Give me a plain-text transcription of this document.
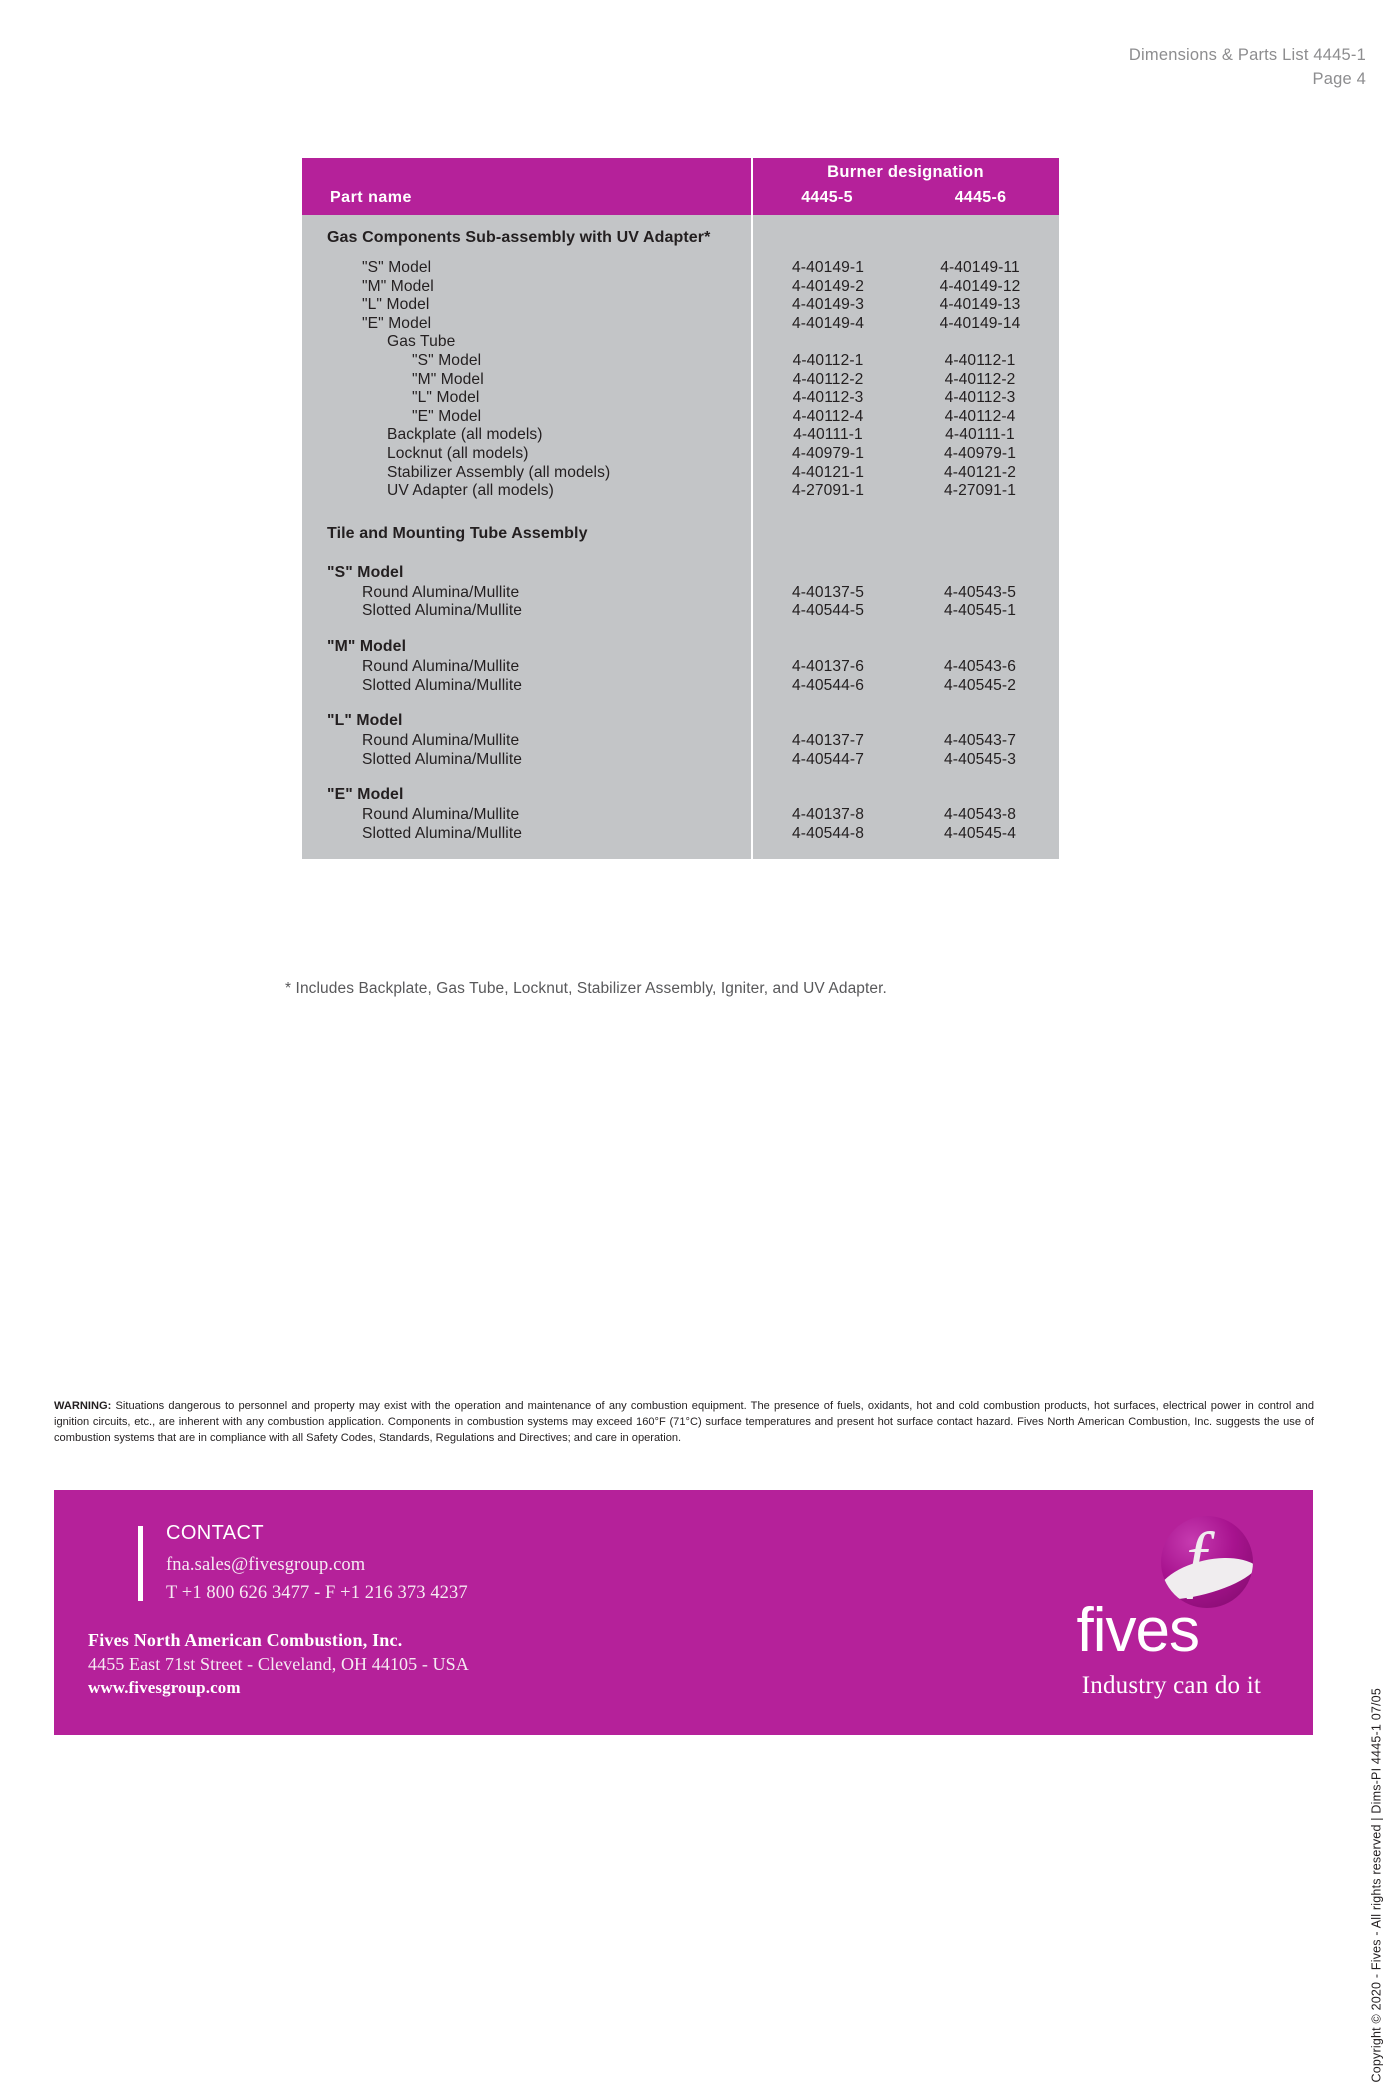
Dimensions & Parts List 4445-1
Page 4
Burner designation
Part name	4445-5	4445-6
Gas Components Sub-assembly with UV Adapter*
"S" Model	4-40149-1	4-40149-11
"M" Model	4-40149-2	4-40149-12
"L" Model	4-40149-3	4-40149-13
"E" Model	4-40149-4	4-40149-14
Gas Tube
"S" Model	4-40112-1	4-40112-1
"M" Model	4-40112-2	4-40112-2
"L" Model	4-40112-3	4-40112-3
"E" Model	4-40112-4	4-40112-4
Backplate (all models)	4-40111-1	4-40111-1
Locknut (all models)	4-40979-1	4-40979-1
Stabilizer Assembly (all models)	4-40121-1	4-40121-2
UV Adapter (all models)	4-27091-1	4-27091-1
Tile and Mounting Tube Assembly
"S" Model
Round Alumina/Mullite	4-40137-5	4-40543-5
Slotted Alumina/Mullite	4-40544-5	4-40545-1
"M" Model
Round Alumina/Mullite	4-40137-6	4-40543-6
Slotted Alumina/Mullite	4-40544-6	4-40545-2
"L" Model
Round Alumina/Mullite	4-40137-7	4-40543-7
Slotted Alumina/Mullite	4-40544-7	4-40545-3
"E" Model
Round Alumina/Mullite	4-40137-8	4-40543-8
Slotted Alumina/Mullite	4-40544-8	4-40545-4
* Includes Backplate, Gas Tube, Locknut, Stabilizer Assembly, Igniter, and UV Adapter.
WARNING: Situations dangerous to personnel and property may exist with the operation and maintenance of any combustion equipment. The presence of fuels, oxidants, hot and cold combustion products, hot surfaces, electrical power in control and ignition circuits, etc., are inherent with any combustion application. Components in combustion systems may exceed 160°F (71°C) surface temperatures and present hot surface contact hazard. Fives North American Combustion, Inc. suggests the use of combustion systems that are in compliance with all Safety Codes, Standards, Regulations and Directives; and care in operation.
CONTACT
fna.sales@fivesgroup.com
T +1 800 626 3477 - F +1 216 373 4237
Fives North American Combustion, Inc.
4455 East 71st Street - Cleveland, OH 44105 - USA
www.fivesgroup.com
f
fives
Industry can do it
Copyright © 2020 - Fives - All rights reserved | Dims-PI 4445-1 07/05
